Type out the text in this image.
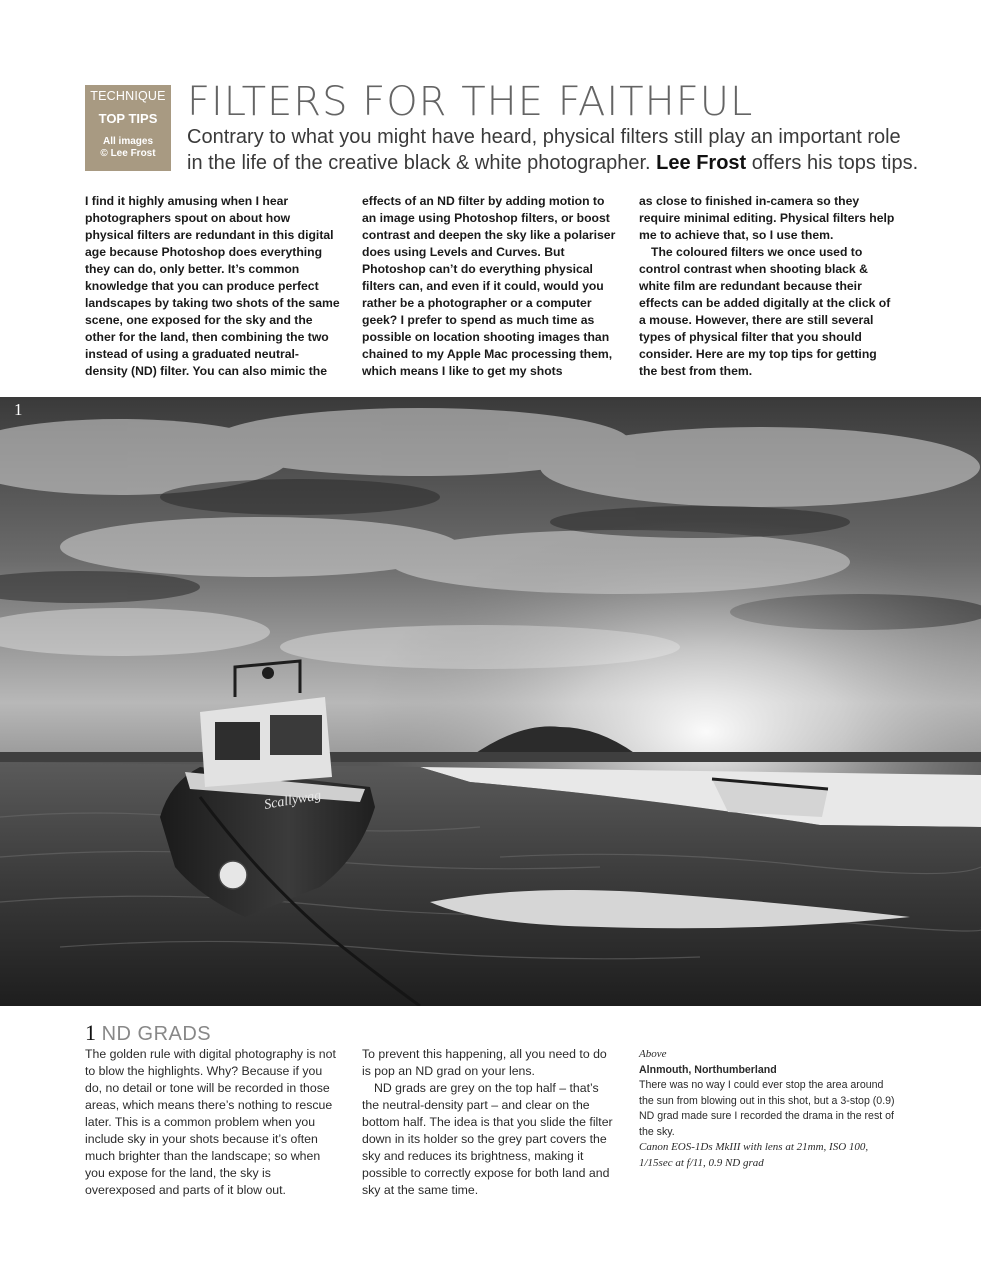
TECHNIQUE
TOP TIPS
All images
© Lee Frost
FILTERS FOR THE FAITHFUL
Contrary to what you might have heard, physical filters still play an important role
in the life of the creative black & white photographer. Lee Frost offers his tops tips.

I find it highly amusing when I hear photographers spout on about how physical filters are redundant in this digital age because Photoshop does everything they can do, only better. It’s common knowledge that you can produce perfect landscapes by taking two shots of the same scene, one exposed for the sky and the other for the land, then combining the two instead of using a graduated neutral-density (ND) filter. You can also mimic the

effects of an ND filter by adding motion to an image using Photoshop filters, or boost contrast and deepen the sky like a polariser does using Levels and Curves. But Photoshop can’t do everything physical filters can, and even if it could, would you rather be a photographer or a computer geek? I prefer to spend as much time as possible on location shooting images than chained to my Apple Mac processing them, which means I like to get my shots

as close to finished in-camera so they require minimal editing. Physical filters help me to achieve that, so I use them.

The coloured filters we once used to control contrast when shooting black & white film are redundant because their effects can be added digitally at the click of a mouse. However, there are still several types of physical filter that you should consider. Here are my top tips for getting the best from them.

Scallywag
1
1 ND GRADS

The golden rule with digital photography is not to blow the highlights. Why? Because if you do, no detail or tone will be recorded in those areas, which means there’s nothing to rescue later. This is a common problem when you include sky in your shots because it’s often much brighter than the landscape; so when you expose for the land, the sky is overexposed and parts of it blow out.

To prevent this happening, all you need to do is pop an ND grad on your lens.

ND grads are grey on the top half – that’s the neutral-density part – and clear on the bottom half. The idea is that you slide the filter down in its holder so the grey part covers the sky and reduces its brightness, making it possible to correctly expose for both land and sky at the same time.

Above

Alnmouth, Northumberland

There was no way I could ever stop the area around the sun from blowing out in this shot, but a 3-stop (0.9) ND grad made sure I recorded the drama in the rest of the sky.

Canon EOS-1Ds MkIII with lens at 21mm, ISO 100, 1/15sec at f/11, 0.9 ND grad
